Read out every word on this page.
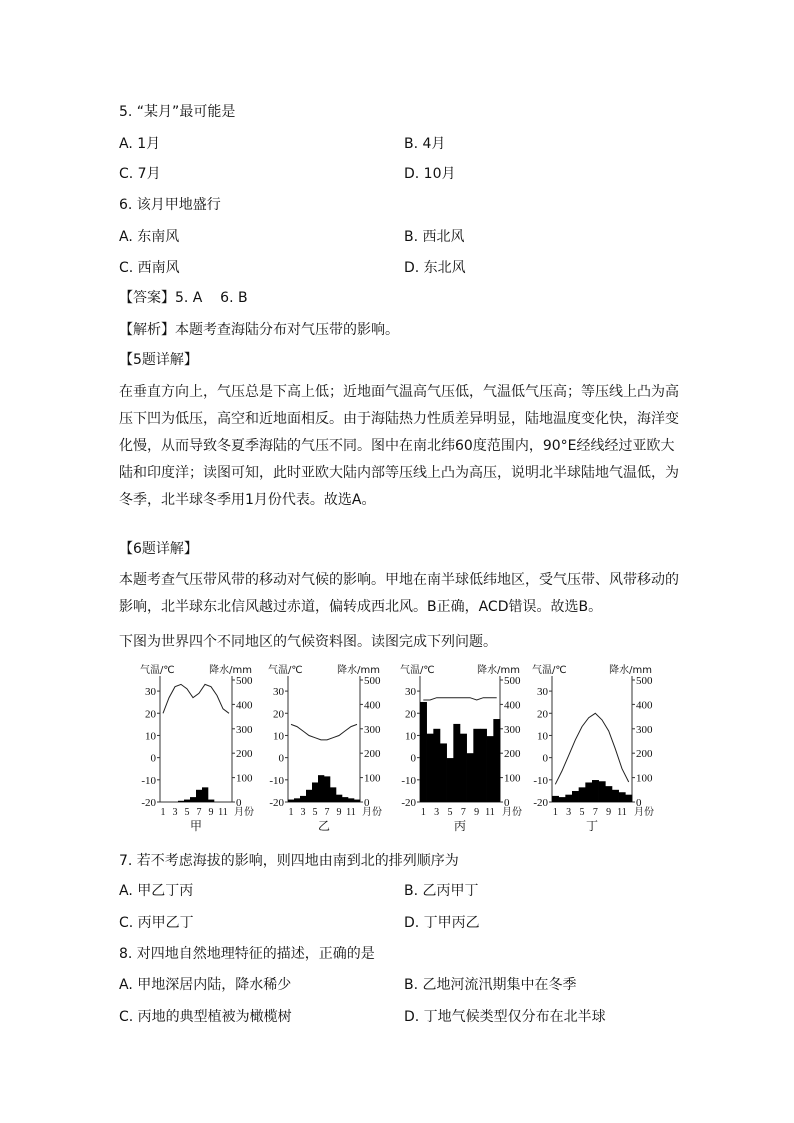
5. “某月”最可能是
A. 1月	B. 4月
C. 7月	D. 10月
6. 该月甲地盛行
A. 东南风	B. 西北风
C. 西南风	D. 东北风
【答案】5. A    6. B
【解析】本题考查海陆分布对气压带的影响。
【5题详解】
在垂直方向上，气压总是下高上低；近地面气温高气压低，气温低气压高；等压线上凸为高压下凹为低压，高空和近地面相反。由于海陆热力性质差异明显，陆地温度变化快，海洋变化慢，从而导致冬夏季海陆的气压不同。图中在南北纬60度范围内，90°E经线经过亚欧大陆和印度洋；读图可知，此时亚欧大陆内部等压线上凸为高压，说明北半球陆地气温低，为冬季，北半球冬季用1月份代表。故选A。
【6题详解】
本题考查气压带风带的移动对气候的影响。甲地在南半球低纬地区，受气压带、风带移动的影响，北半球东北信风越过赤道，偏转成西北风。B正确，ACD错误。故选B。
下图为世界四个不同地区的气候资料图。读图完成下列问题。
气温/℃	降水/mm
30
20
10
0
-10
-20
500
400
300
200
100
0
1 3 5 7 9 11 月份
甲
气温/℃	降水/mm
30
20
10
0
-10
-20
500
400
300
200
100
0
1 3 5 7 9 11 月份
乙
气温/℃	降水/mm
30
20
10
0
-10
-20
500
400
300
200
100
0
1 3 5 7 9 11 月份
丙
气温/℃	降水/mm
30
20
10
0
-10
-20
500
400
300
200
100
0
1 3 5 7 9 11 月份
丁
7. 若不考虑海拔的影响，则四地由南到北的排列顺序为
A. 甲乙丁丙	B. 乙丙甲丁
C. 丙甲乙丁	D. 丁甲丙乙
8. 对四地自然地理特征的描述，正确的是
A. 甲地深居内陆，降水稀少	B. 乙地河流汛期集中在冬季
C. 丙地的典型植被为橄榄树	D. 丁地气候类型仅分布在北半球
